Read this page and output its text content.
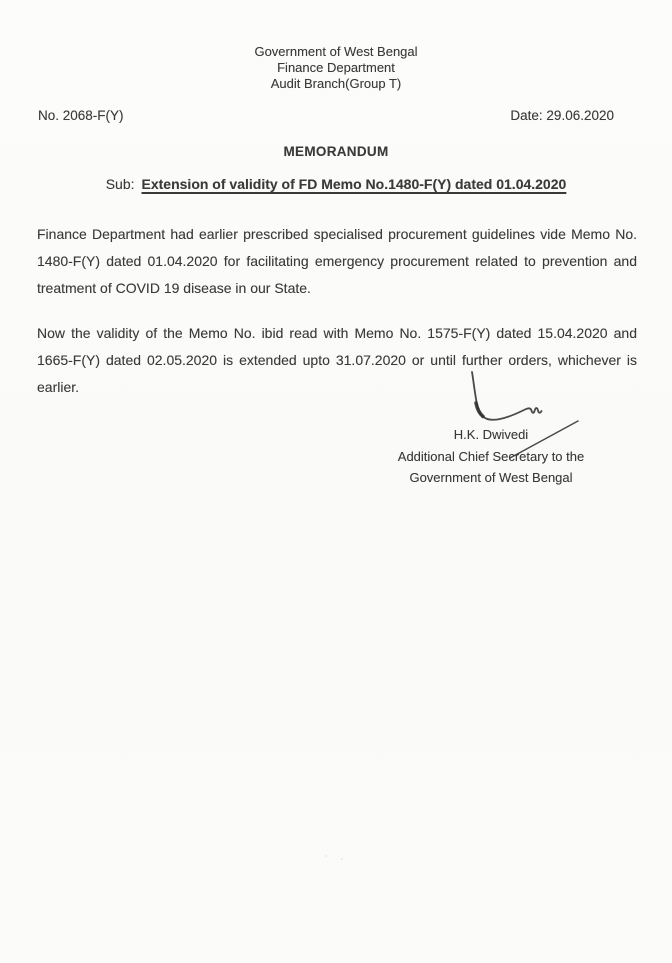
Government of West Bengal
Finance Department
Audit Branch(Group T)
No. 2068-F(Y)	Date: 29.06.2020
MEMORANDUM
Sub: Extension of validity of FD Memo No.1480-F(Y) dated 01.04.2020

Finance Department had earlier prescribed specialised procurement guidelines vide Memo No. 1480-F(Y) dated 01.04.2020 for facilitating emergency procurement related to prevention and treatment of COVID 19 disease in our State.

Now the validity of the Memo No. ibid read with Memo No. 1575-F(Y) dated 15.04.2020 and 1665-F(Y) dated 02.05.2020 is extended upto 31.07.2020 or until further orders, whichever is earlier.

H.K. Dwivedi
Additional Chief Secretary to the
Government of West Bengal
